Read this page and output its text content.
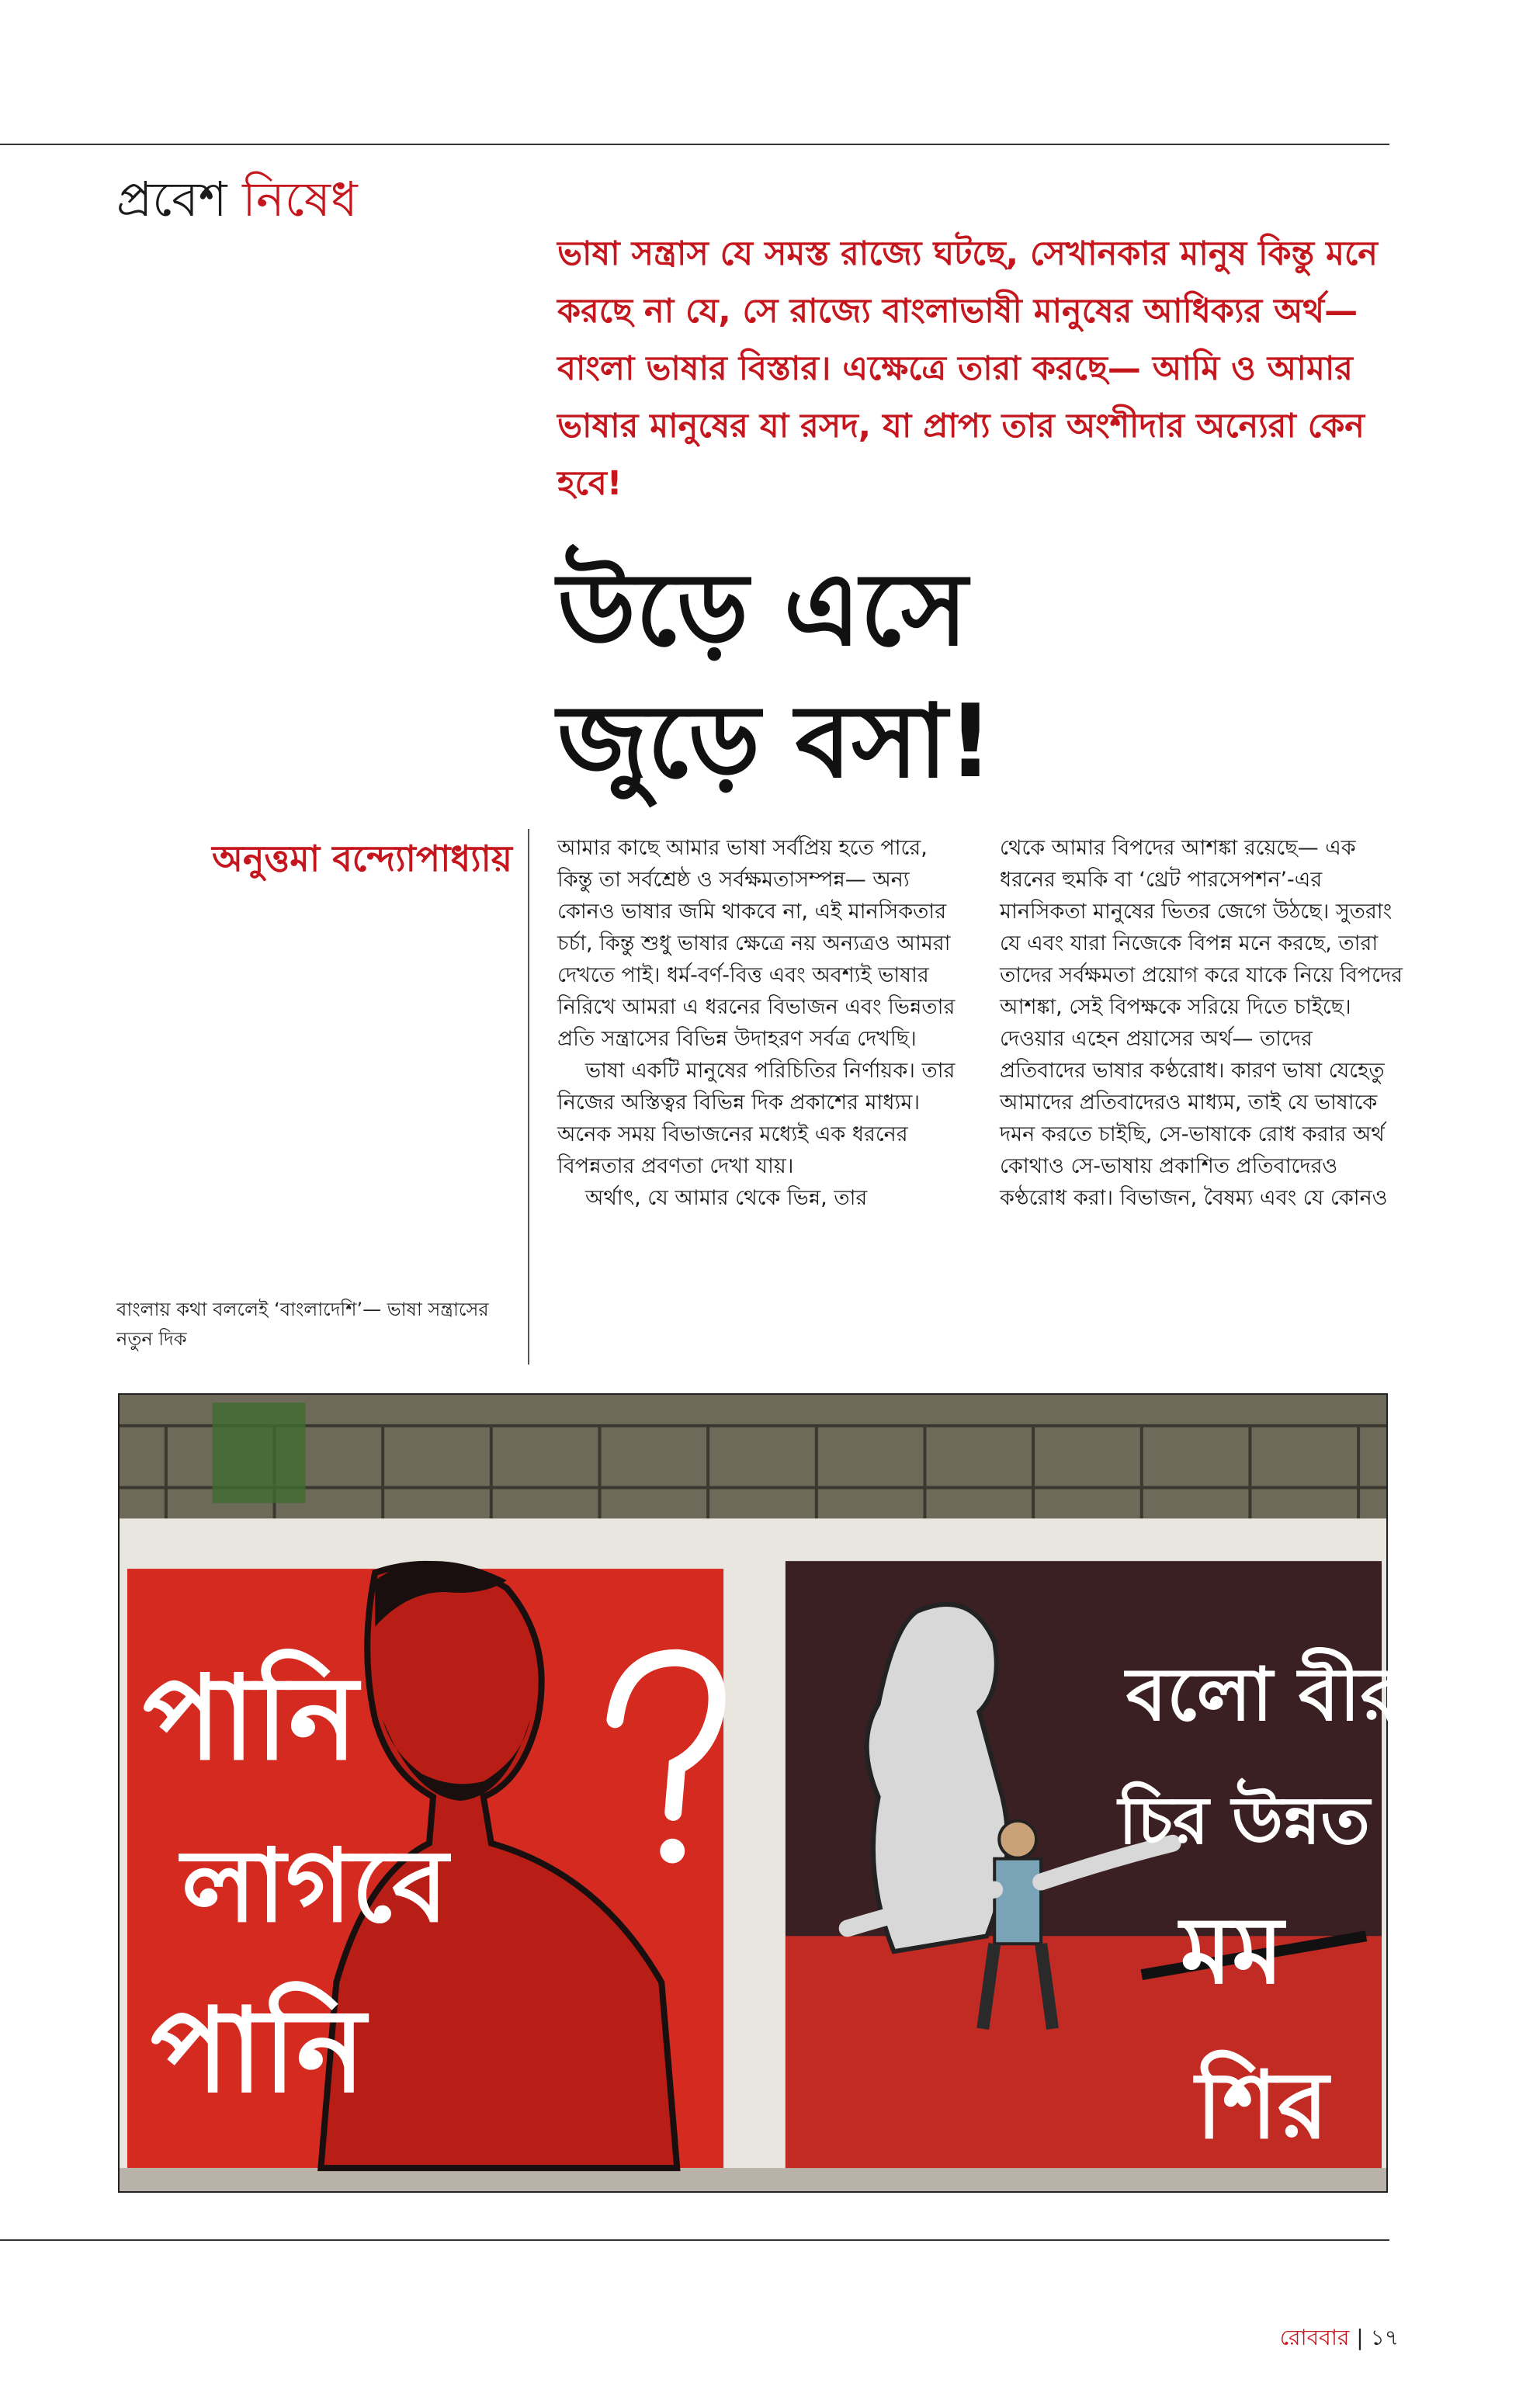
প্রবেশ নিষেধ

ভাষা সন্ত্রাস যে সমস্ত রাজ্যে ঘটছে, সেখানকার মানুষ কিন্তু মনে করছে না যে, সে রাজ্যে বাংলাভাষী মানুষের আধিক্যর অর্থ— বাংলা ভাষার বিস্তার। এক্ষেত্রে তারা করছে— আমি ও আমার ভাষার মানুষের যা রসদ, যা প্রাপ্য তার অংশীদার অন্যেরা কেন হবে!

উড়ে এসে
জুড়ে বসা!
অনুত্তমা বন্দ্যোপাধ্যায় আমার কাছে আমার ভাষা সর্বপ্রিয় হতে পারে, কিন্তু তা সর্বশ্রেষ্ঠ ও সর্বক্ষমতাসম্পন্ন— অন্য কোনও ভাষার জমি থাকবে না, এই মানসিকতার চর্চা, কিন্তু শুধু ভাষার ক্ষেত্রে নয় অন্যত্রও আমরা দেখতে পাই। ধর্ম-বর্ণ-বিত্ত এবং অবশ্যই ভাষার নিরিখে আমরা এ ধরনের বিভাজন এবং ভিন্নতার প্রতি সন্ত্রাসের বিভিন্ন উদাহরণ সর্বত্র দেখছি।

ভাষা একটি মানুষের পরিচিতির নির্ণায়ক। তার নিজের অস্তিত্বর বিভিন্ন দিক প্রকাশের মাধ্যম। অনেক সময় বিভাজনের মধ্যেই এক ধরনের বিপন্নতার প্রবণতা দেখা যায়।

অর্থাৎ, যে আমার থেকে ভিন্ন, তার

থেকে আমার বিপদের আশঙ্কা রয়েছে— এক ধরনের হুমকি বা ‘থ্রেট পারসেপশন’-এর মানসিকতা মানুষের ভিতর জেগে উঠছে। সুতরাং যে এবং যারা নিজেকে বিপন্ন মনে করছে, তারা তাদের সর্বক্ষমতা প্রয়োগ করে যাকে নিয়ে বিপদের আশঙ্কা, সেই বিপক্ষকে সরিয়ে দিতে চাইছে। দেওয়ার এহেন প্রয়াসের অর্থ— তাদের প্রতিবাদের ভাষার কণ্ঠরোধ। কারণ ভাষা যেহেতু আমাদের প্রতিবাদেরও মাধ্যম, তাই যে ভাষাকে দমন করতে চাইছি, সে-ভাষাকে রোধ করার অর্থ কোথাও সে-ভাষায় প্রকাশিত প্রতিবাদেরও কণ্ঠরোধ করা। বিভাজন, বৈষম্য এবং যে কোনও

বাংলায় কথা বললেই ‘বাংলাদেশি’— ভাষা সন্ত্রাসের নতুন দিক

পানি
লাগবে
পানি
বলো বীর,
চির উন্নত
মম
শির
রোববার | ১৭
